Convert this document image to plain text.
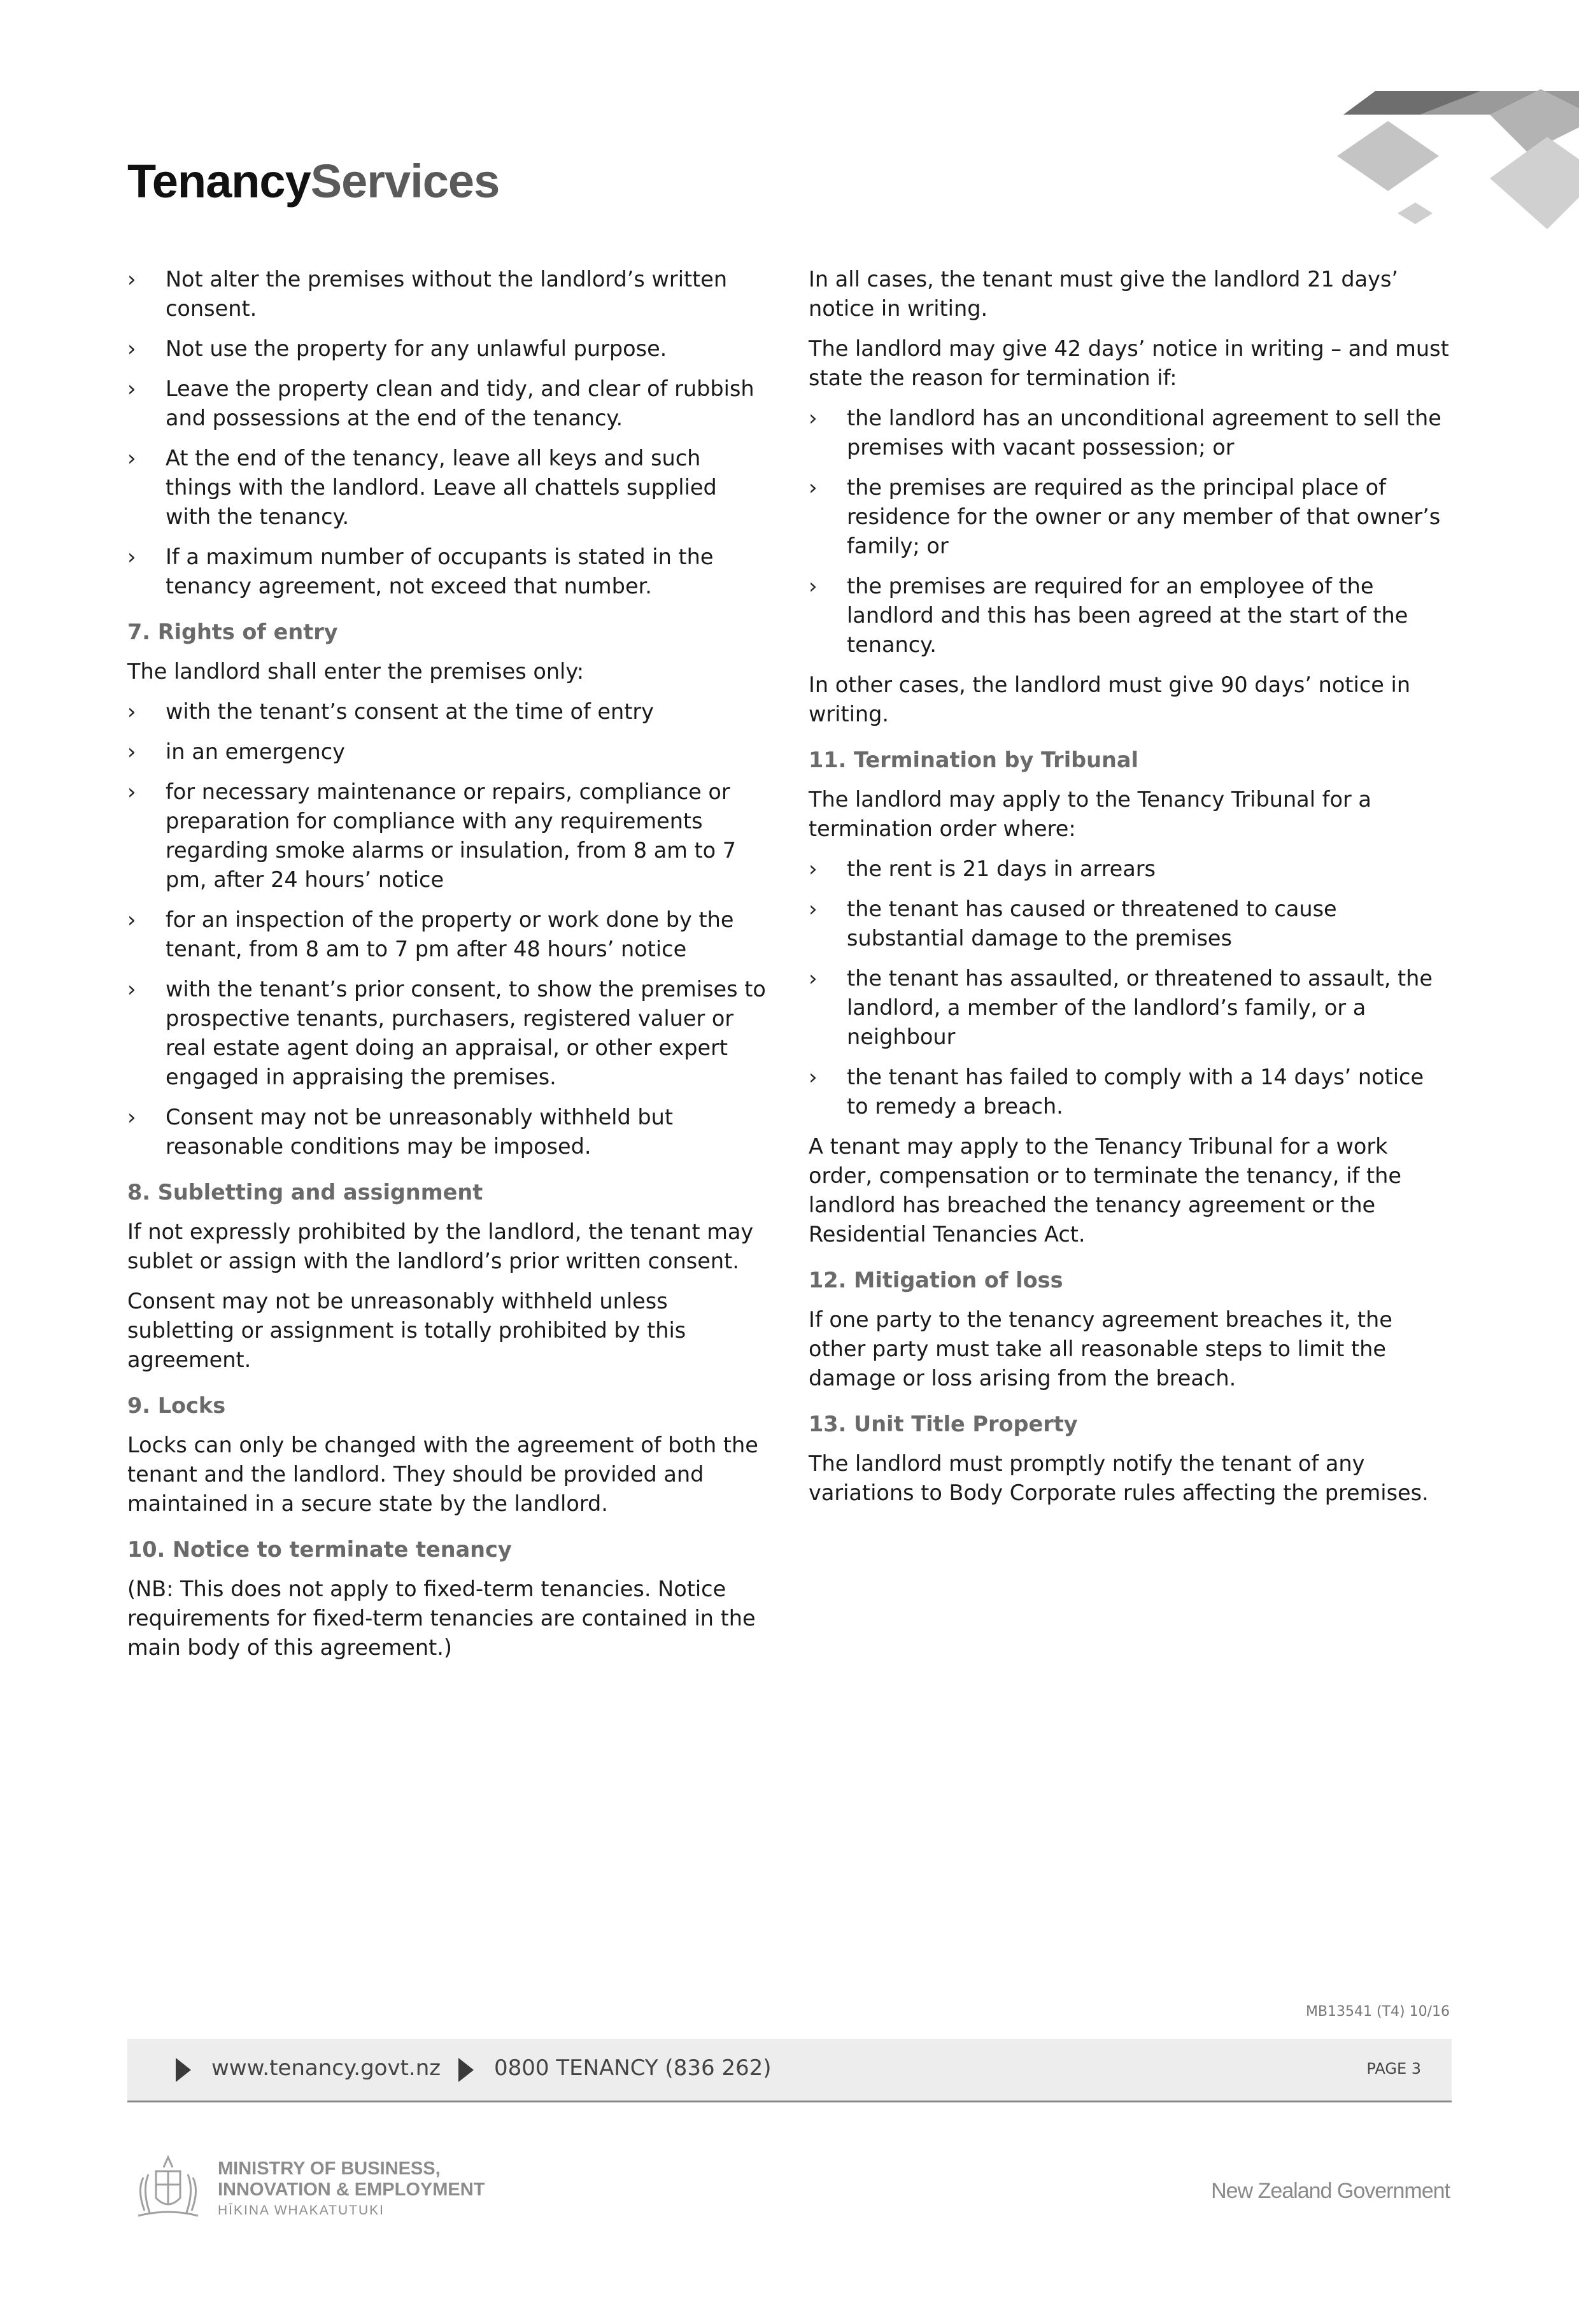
TenancyServices
› Not alter the premises without the landlord’s written consent.
› Not use the property for any unlawful purpose.
› Leave the property clean and tidy, and clear of rubbish and possessions at the end of the tenancy.
› At the end of the tenancy, leave all keys and such things with the landlord. Leave all chattels supplied with the tenancy.
› If a maximum number of occupants is stated in the tenancy agreement, not exceed that number.
7. Rights of entry

The landlord shall enter the premises only:

› with the tenant’s consent at the time of entry
› in an emergency
› for necessary maintenance or repairs, compliance or preparation for compliance with any requirements regarding smoke alarms or insulation, from 8 am to 7 pm, after 24 hours’ notice
› for an inspection of the property or work done by the tenant, from 8 am to 7 pm after 48 hours’ notice
› with the tenant’s prior consent, to show the premises to prospective tenants, purchasers, registered valuer or real estate agent doing an appraisal, or other expert engaged in appraising the premises.
› Consent may not be unreasonably withheld but reasonable conditions may be imposed.
8. Subletting and assignment

If not expressly prohibited by the landlord, the tenant may sublet or assign with the landlord’s prior written consent.

Consent may not be unreasonably withheld unless subletting or assignment is totally prohibited by this agreement.

9. Locks

Locks can only be changed with the agreement of both the tenant and the landlord. They should be provided and maintained in a secure state by the landlord.

10. Notice to terminate tenancy

(NB: This does not apply to fixed-term tenancies. Notice requirements for fixed-term tenancies are contained in the main body of this agreement.)

In all cases, the tenant must give the landlord 21 days’ notice in writing.

The landlord may give 42 days’ notice in writing – and must state the reason for termination if:

› the landlord has an unconditional agreement to sell the premises with vacant possession; or
› the premises are required as the principal place of residence for the owner or any member of that owner’s family; or
› the premises are required for an employee of the landlord and this has been agreed at the start of the tenancy.

In other cases, the landlord must give 90 days’ notice in writing.

11. Termination by Tribunal

The landlord may apply to the Tenancy Tribunal for a termination order where:

› the rent is 21 days in arrears
› the tenant has caused or threatened to cause substantial damage to the premises
› the tenant has assaulted, or threatened to assault, the landlord, a member of the landlord’s family, or a neighbour
› the tenant has failed to comply with a 14 days’ notice to remedy a breach.

A tenant may apply to the Tenancy Tribunal for a work order, compensation or to terminate the tenancy, if the landlord has breached the tenancy agreement or the Residential Tenancies Act.

12. Mitigation of loss

If one party to the tenancy agreement breaches it, the other party must take all reasonable steps to limit the damage or loss arising from the breach.

13. Unit Title Property

The landlord must promptly notify the tenant of any variations to Body Corporate rules affecting the premises.

MB13541 (T4) 10/16
www.tenancy.govt.nz 0800 TENANCY (836 262)	PAGE 3
MINISTRY OF BUSINESS,
INNOVATION & EMPLOYMENT
HĪKINA WHAKATUTUKI
New Zealand Government
